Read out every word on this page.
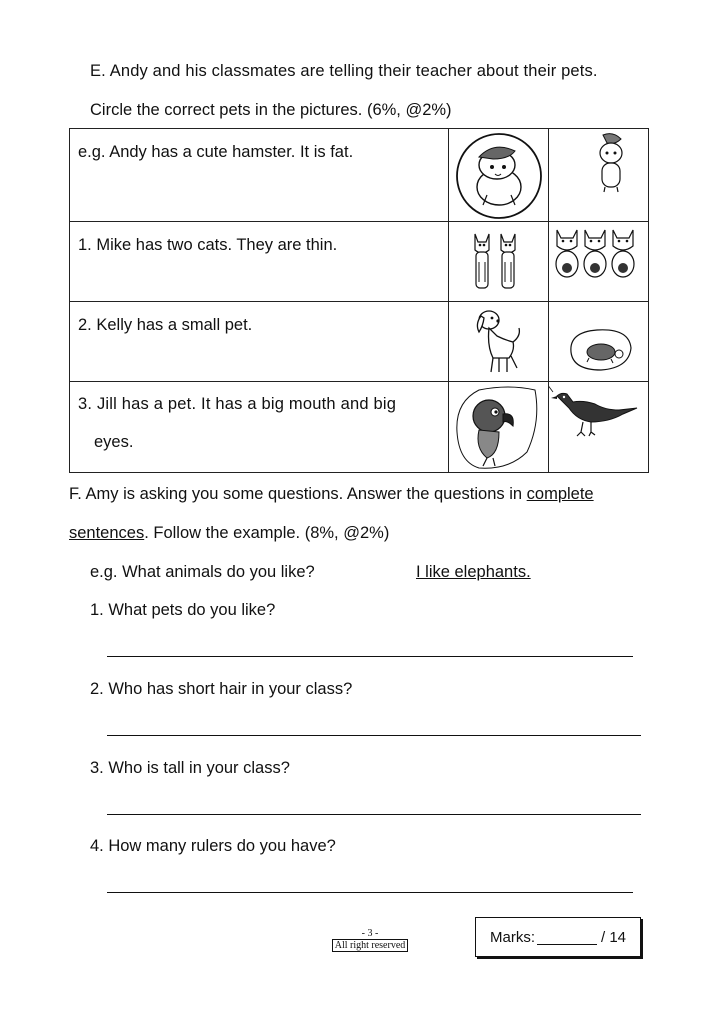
E. Andy and his classmates are telling their teacher about their pets.
Circle the correct pets in the pictures. (6%, @2%)
e.g. Andy has a cute hamster. It is fat.

1. Mike has two cats. They are thin.

2. Kelly has a small pet.

3. Jill has a pet. It has a big mouth and big
eyes.

F. Amy is asking you some questions. Answer the questions in complete
sentences. Follow the example. (8%, @2%)
e.g. What animals do you like?	I like elephants.
1. What pets do you like?
2. Who has short hair in your class?
3. Who is tall in your class?
4. How many rulers do you have?
- 3 -
All right reserved	Marks:	/ 14
